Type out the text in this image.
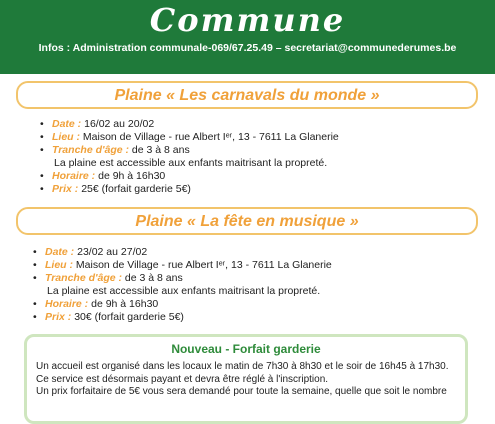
Commune
Infos : Administration communale-069/67.25.49 – secretariat@communederumes.be
Plaine « Les carnavals du monde »
• Date : 16/02 au 20/02
• Lieu : Maison de Village - rue Albert Iᵉʳ, 13 - 7611 La Glanerie
• Tranche d'âge : de 3 à 8 ans
La plaine est accessible aux enfants maitrisant la propreté.
• Horaire : de 9h à 16h30
• Prix : 25€ (forfait garderie 5€)
Plaine « La fête en musique »
• Date : 23/02 au 27/02
• Lieu : Maison de Village - rue Albert Iᵉʳ, 13 - 7611 La Glanerie
• Tranche d'âge : de 3 à 8 ans
La plaine est accessible aux enfants maitrisant la propreté.
• Horaire : de 9h à 16h30
• Prix : 30€ (forfait garderie 5€)
Nouveau - Forfait garderie
Un accueil est organisé dans les locaux le matin de 7h30 à 8h30 et le soir de 16h45 à 17h30.
Ce service est désormais payant et devra être réglé à l'inscription.
Un prix forfaitaire de 5€ vous sera demandé pour toute la semaine, quelle que soit le nombre
